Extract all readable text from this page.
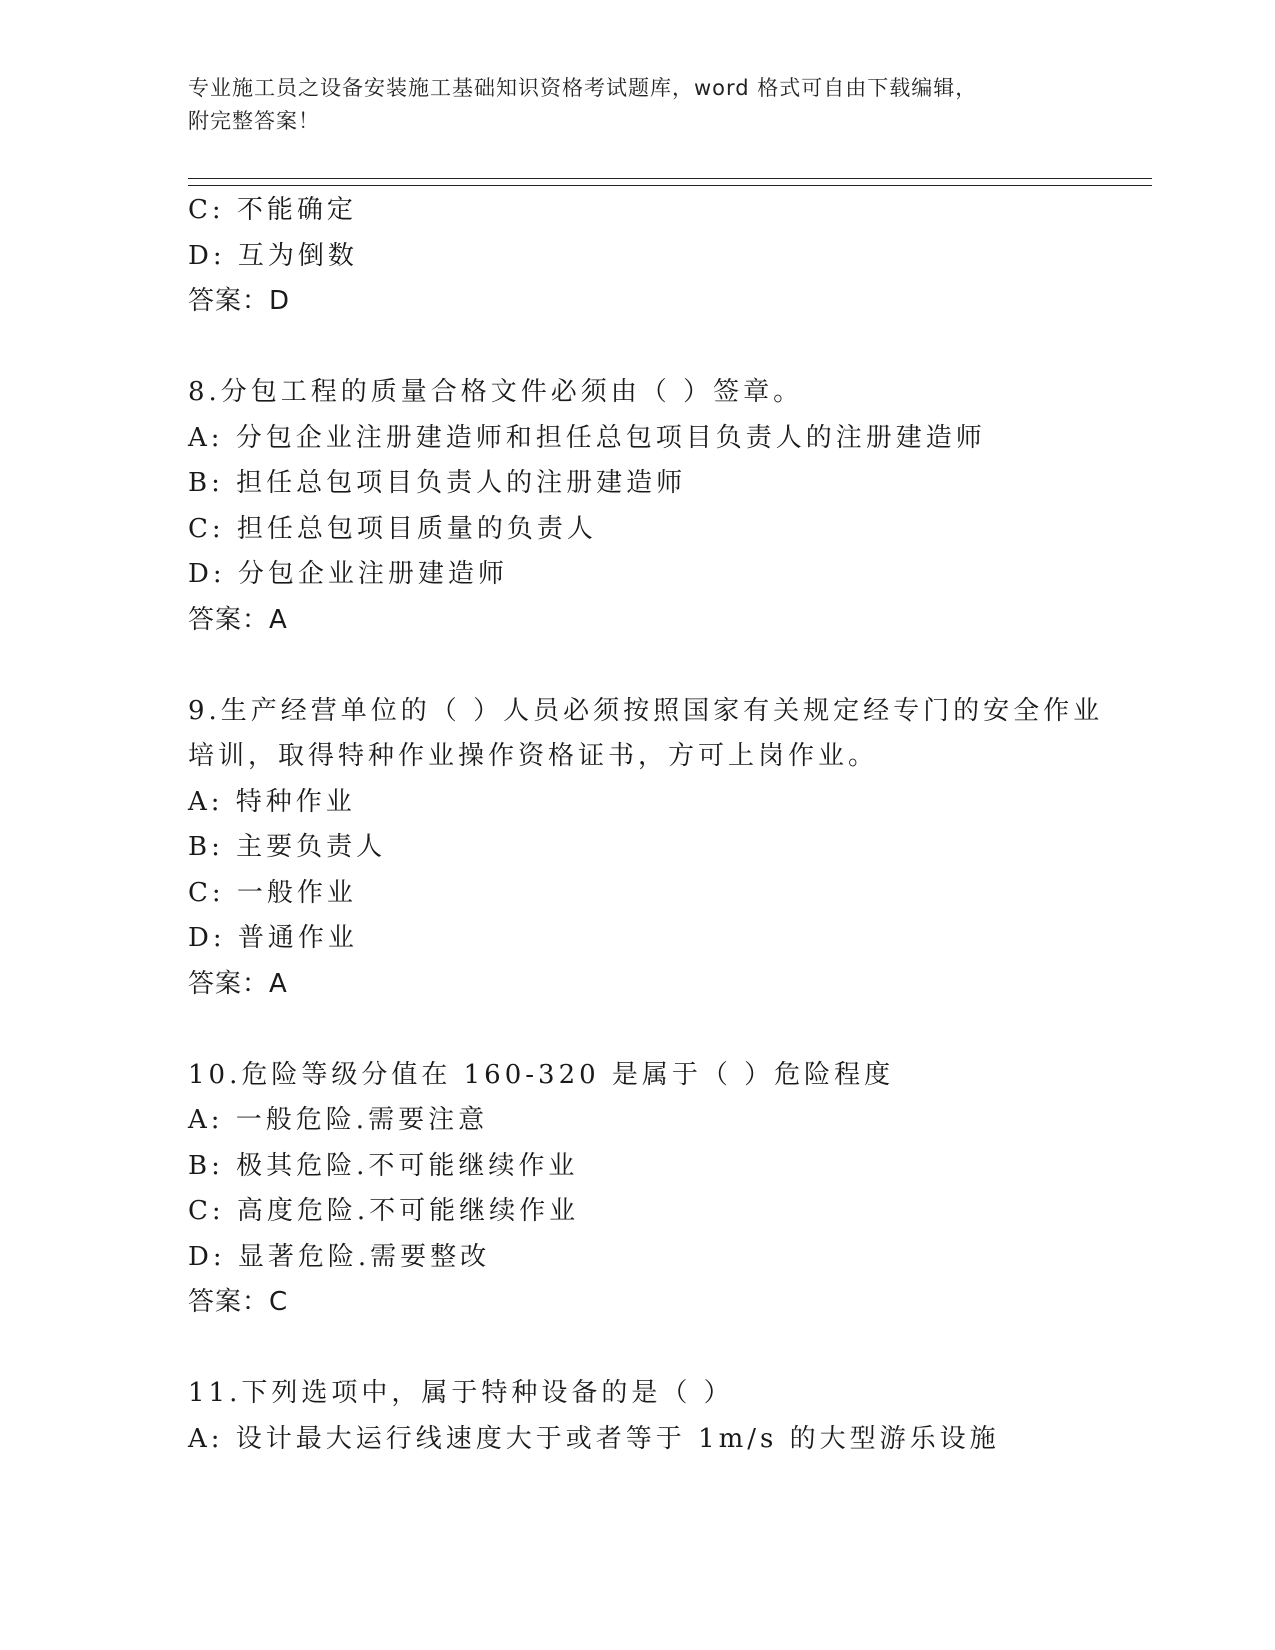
专业施工员之设备安装施工基础知识资格考试题库，word 格式可自由下载编辑，
附完整答案！
C: 不能确定
D: 互为倒数
答案：D
8.分包工程的质量合格文件必须由（ ）签章。
A: 分包企业注册建造师和担任总包项目负责人的注册建造师
B: 担任总包项目负责人的注册建造师
C: 担任总包项目质量的负责人
D: 分包企业注册建造师
答案：A
9.生产经营单位的（ ）人员必须按照国家有关规定经专门的安全作业
培训，取得特种作业操作资格证书，方可上岗作业。
A: 特种作业
B: 主要负责人
C: 一般作业
D: 普通作业
答案：A
10.危险等级分值在 160-320 是属于（ ）危险程度
A: 一般危险.需要注意
B: 极其危险.不可能继续作业
C: 高度危险.不可能继续作业
D: 显著危险.需要整改
答案：C
11.下列选项中，属于特种设备的是（ ）
A: 设计最大运行线速度大于或者等于 1m/s 的大型游乐设施
